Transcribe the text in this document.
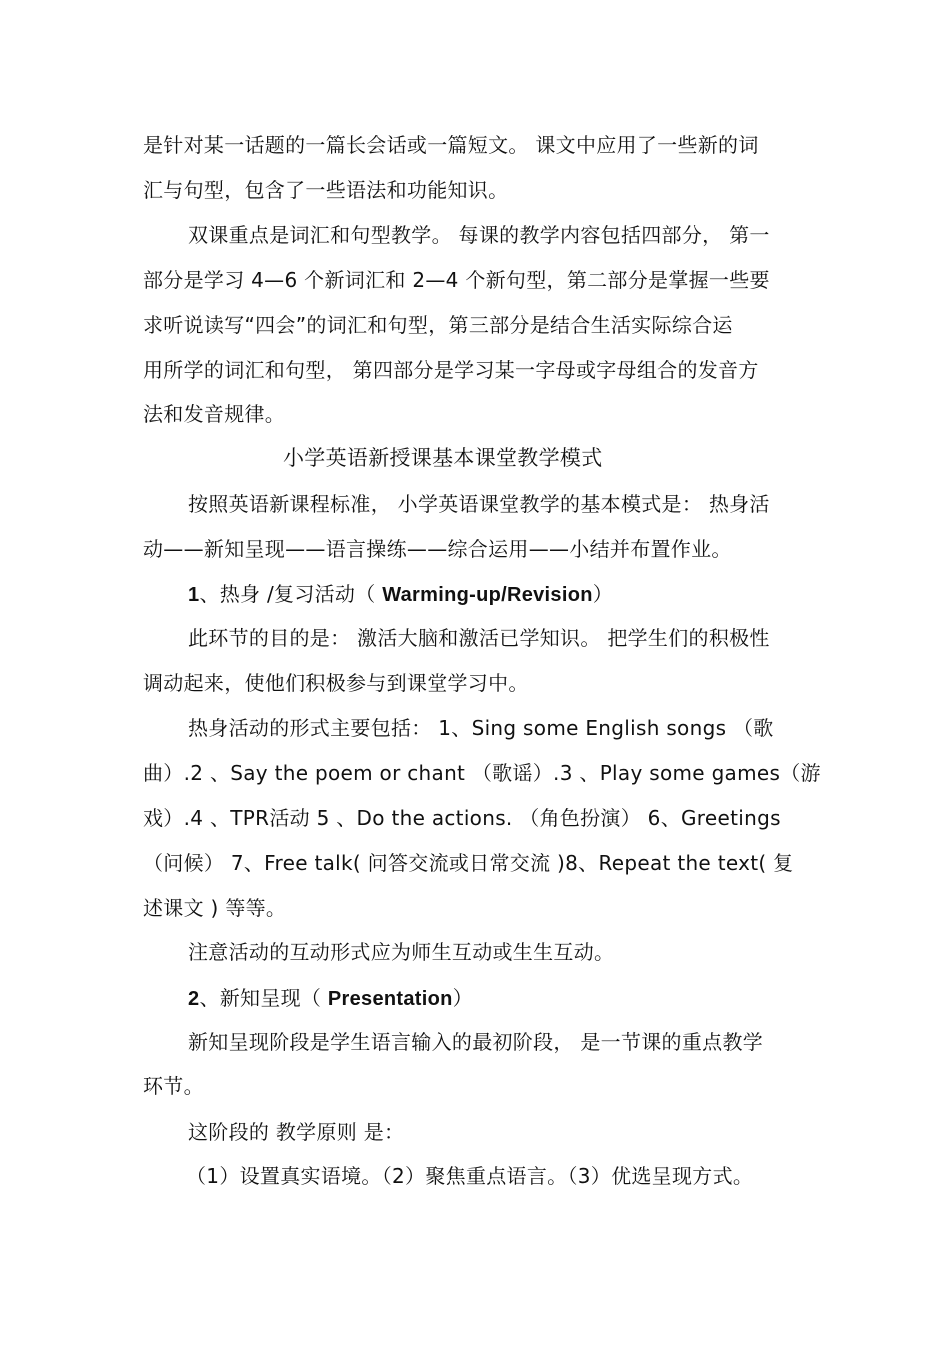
是针对某一话题的一篇长会话或一篇短文。 课文中应用了一些新的词
汇与句型，包含了一些语法和功能知识。
双课重点是词汇和句型教学。 每课的教学内容包括四部分， 第一
部分是学习 4—6 个新词汇和 2—4 个新句型，第二部分是掌握一些要
求听说读写“四会”的词汇和句型，第三部分是结合生活实际综合运
用所学的词汇和句型， 第四部分是学习某一字母或字母组合的发音方
法和发音规律。
小学英语新授课基本课堂教学模式
按照英语新课程标准， 小学英语课堂教学的基本模式是： 热身活
动——新知呈现——语言操练——综合运用——小结并布置作业。
1、热身 /复习活动（ Warming-up/Revision）
此环节的目的是： 激活大脑和激活已学知识。 把学生们的积极性
调动起来，使他们积极参与到课堂学习中。
热身活动的形式主要包括： 1、Sing some English songs （歌
曲）.2 、Say the poem or chant （歌谣）.3 、Play some games（游
戏）.4 、TPR活动 5 、Do the actions. （角色扮演） 6、Greetings
（问候） 7、Free talk( 问答交流或日常交流 )8、Repeat the text( 复
述课文 ) 等等。
注意活动的互动形式应为师生互动或生生互动。
2、新知呈现（ Presentation）
新知呈现阶段是学生语言输入的最初阶段， 是一节课的重点教学
环节。
这阶段的 教学原则 是：
（1）设置真实语境。（2）聚焦重点语言。（3）优选呈现方式。
